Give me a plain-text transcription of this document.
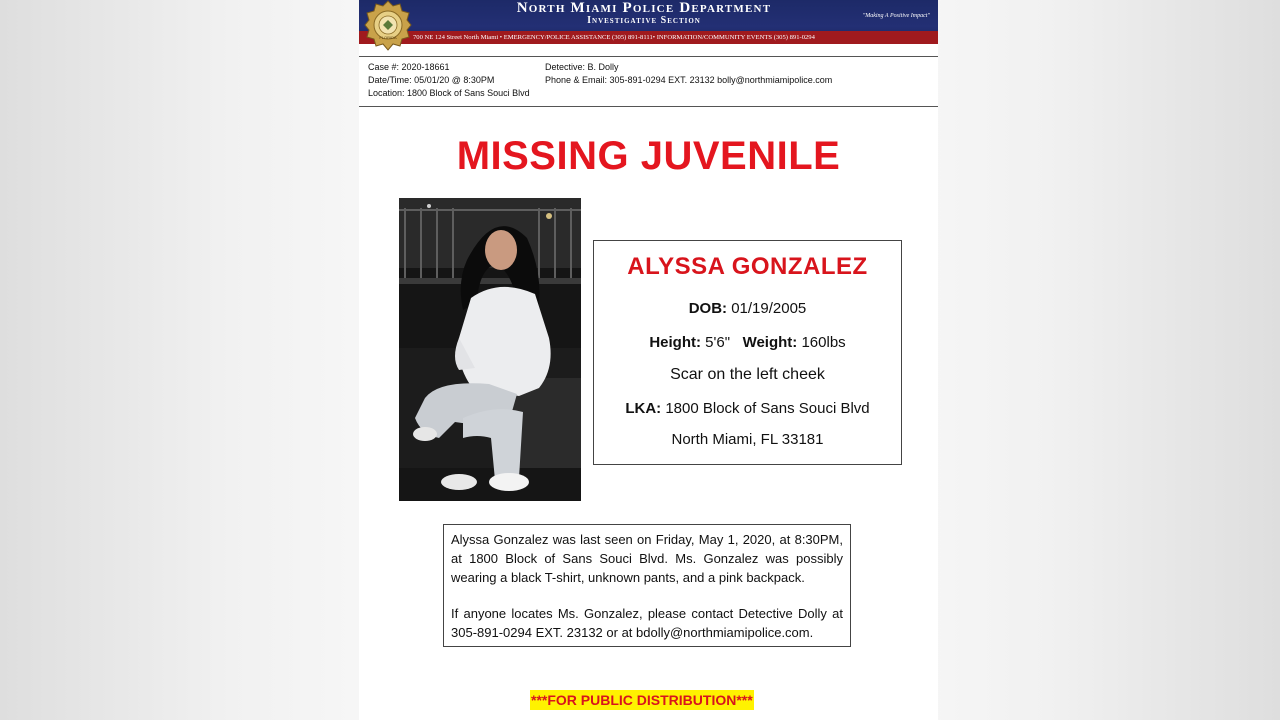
North Miami Police Department
Investigative Section	"Making A Positive Impact"
700 NE 124 Street North Miami • EMERGENCY/POLICE ASSISTANCE (305) 891-8111• INFORMATION/COMMUNITY EVENTS (305) 891-0294
FLORIDA
Case #: 2020-18661
Date/Time: 05/01/20 @ 8:30PM
Location: 1800 Block of Sans Souci Blvd
Detective: B. Dolly
Phone & Email: 305-891-0294 EXT. 23132 bolly@northmiamipolice.com
MISSING JUVENILE
ALYSSA GONZALEZ
DOB: 01/19/2005
Height: 5'6" Weight: 160lbs
Scar on the left cheek
LKA: 1800 Block of Sans Souci Blvd
North Miami, FL 33181

Alyssa Gonzalez was last seen on Friday, May 1, 2020, at 8:30PM, at 1800 Block of Sans Souci Blvd. Ms. Gonzalez was possibly wearing a black T-shirt, unknown pants, and a pink backpack.

If anyone locates Ms. Gonzalez, please contact Detective Dolly at 305-891-0294 EXT. 23132 or at bdolly@northmiamipolice.com.

***FOR PUBLIC DISTRIBUTION***
